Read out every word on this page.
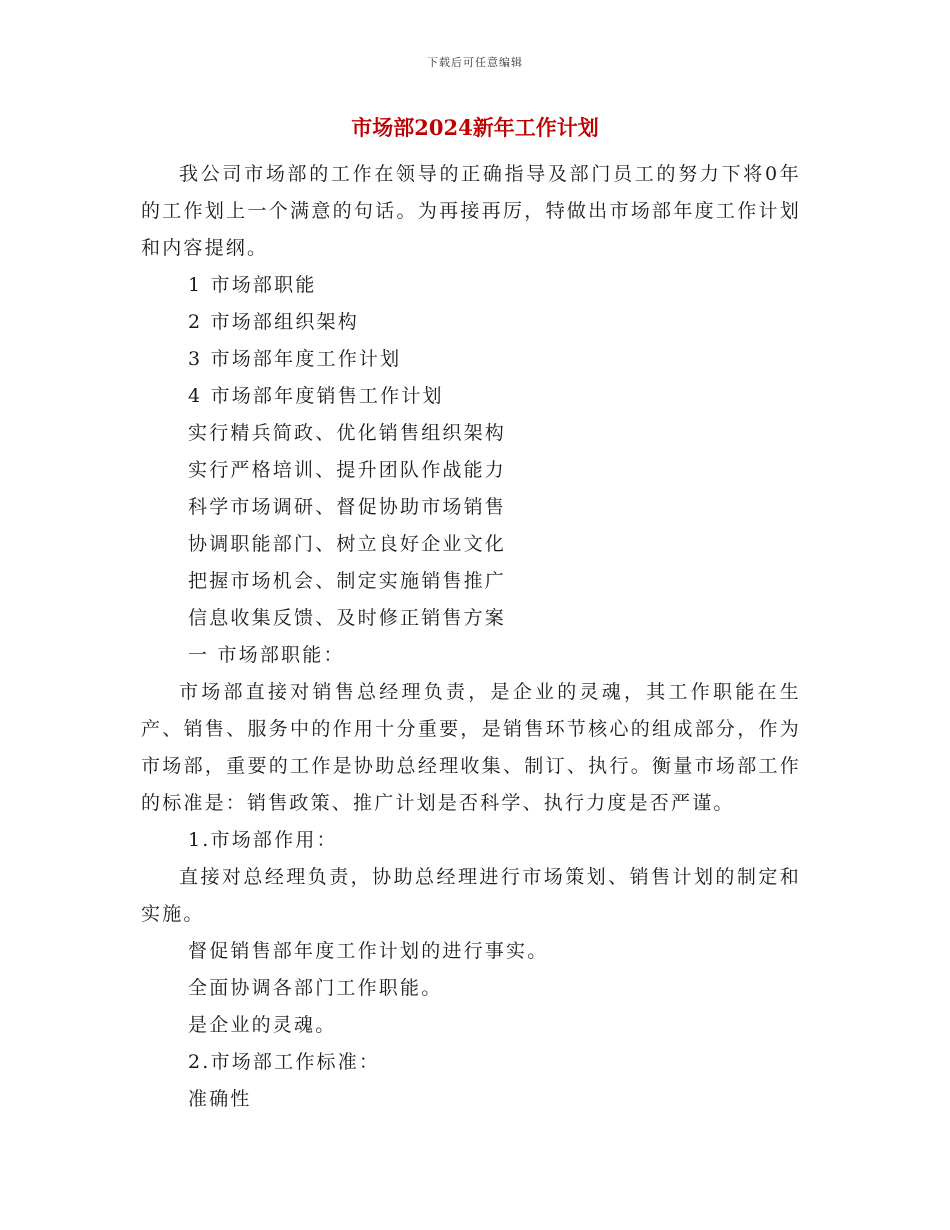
下载后可任意编辑
市场部2024新年工作计划

我公司市场部的工作在领导的正确指导及部门员工的努力下将0年的工作划上一个满意的句话。为再接再厉，特做出市场部年度工作计划和内容提纲。

1 市场部职能

2 市场部组织架构

3 市场部年度工作计划

4 市场部年度销售工作计划

实行精兵简政、优化销售组织架构

实行严格培训、提升团队作战能力

科学市场调研、督促协助市场销售

协调职能部门、树立良好企业文化

把握市场机会、制定实施销售推广

信息收集反馈、及时修正销售方案

一 市场部职能：

市场部直接对销售总经理负责，是企业的灵魂，其工作职能在生产、销售、服务中的作用十分重要，是销售环节核心的组成部分，作为市场部，重要的工作是协助总经理收集、制订、执行。衡量市场部工作的标准是：销售政策、推广计划是否科学、执行力度是否严谨。

1.市场部作用：

直接对总经理负责，协助总经理进行市场策划、销售计划的制定和实施。

督促销售部年度工作计划的进行事实。

全面协调各部门工作职能。

是企业的灵魂。

2.市场部工作标准：

准确性
